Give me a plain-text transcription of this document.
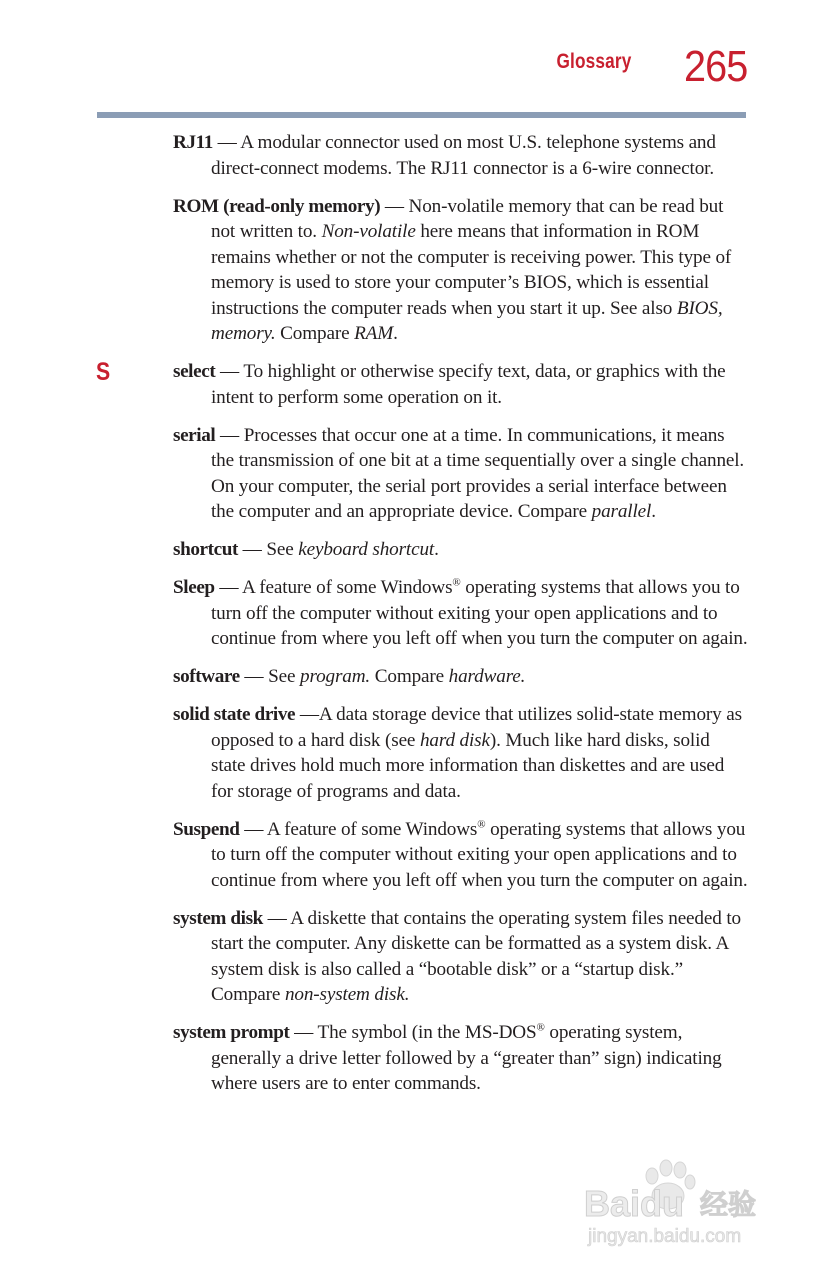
Glossary 265
S

RJ11 — A modular connector used on most U.S. telephone systems and direct-connect modems. The RJ11 connector is a 6-wire connector.

ROM (read-only memory) — Non-volatile memory that can be read but not written to. Non-volatile here means that information in ROM remains whether or not the computer is receiving power. This type of memory is used to store your computer’s BIOS, which is essential instructions the computer reads when you start it up. See also BIOS, memory. Compare RAM.

select — To highlight or otherwise specify text, data, or graphics with the intent to perform some operation on it.

serial — Processes that occur one at a time. In communications, it means the transmission of one bit at a time sequentially over a single channel. On your computer, the serial port provides a serial interface between the computer and an appropriate device. Compare parallel.

shortcut — See keyboard shortcut.

Sleep — A feature of some Windows® operating systems that allows you to turn off the computer without exiting your open applications and to continue from where you left off when you turn the computer on again.

software — See program. Compare hardware.

solid state drive —A data storage device that utilizes solid-state memory as opposed to a hard disk (see hard disk). Much like hard disks, solid state drives hold much more information than diskettes and are used for storage of programs and data.

Suspend — A feature of some Windows® operating systems that allows you to turn off the computer without exiting your open applications and to continue from where you left off when you turn the computer on again.

system disk — A diskette that contains the operating system files needed to start the computer. Any diskette can be formatted as a system disk. A system disk is also called a “bootable disk” or a “startup disk.” Compare non-system disk.

system prompt — The symbol (in the MS-DOS® operating system, generally a drive letter followed by a “greater than” sign) indicating where users are to enter commands.

Baidu 经验
jingyan.baidu.com
